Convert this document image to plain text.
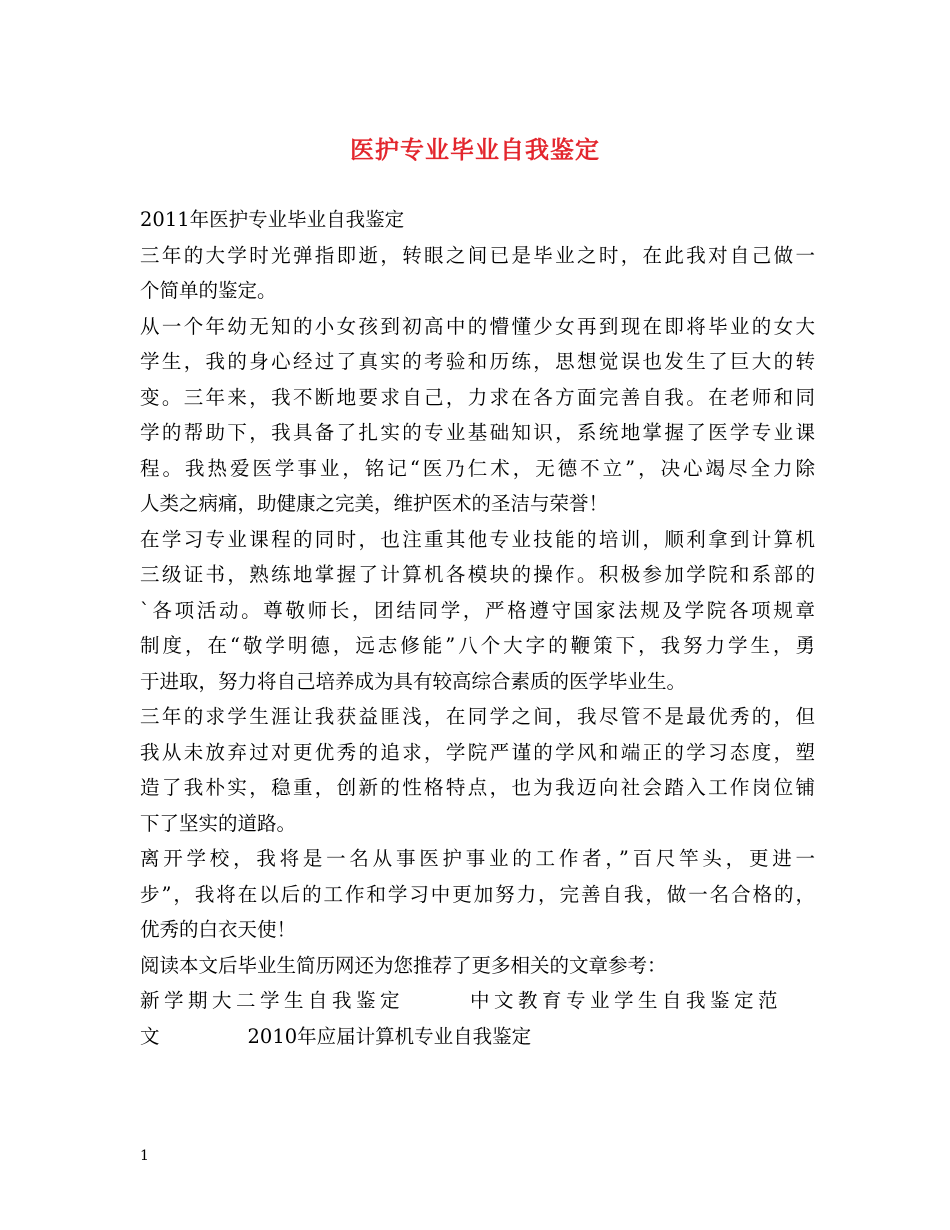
医护专业毕业自我鉴定
2011年医护专业毕业自我鉴定
三年的大学时光弹指即逝，转眼之间已是毕业之时，在此我对自己做一
个简单的鉴定。
从一个年幼无知的小女孩到初高中的懵懂少女再到现在即将毕业的女大
学生，我的身心经过了真实的考验和历练，思想觉误也发生了巨大的转
变。三年来，我不断地要求自己，力求在各方面完善自我。在老师和同
学的帮助下，我具备了扎实的专业基础知识，系统地掌握了医学专业课
程。我热爱医学事业，铭记“医乃仁术，无德不立”，决心竭尽全力除
人类之病痛，助健康之完美，维护医术的圣洁与荣誉！
在学习专业课程的同时，也注重其他专业技能的培训，顺利拿到计算机
三级证书，熟练地掌握了计算机各模块的操作。积极参加学院和系部的
`各项活动。尊敬师长，团结同学，严格遵守国家法规及学院各项规章
制度，在“敬学明德，远志修能”八个大字的鞭策下，我努力学生，勇
于进取，努力将自己培养成为具有较高综合素质的医学毕业生。
三年的求学生涯让我获益匪浅，在同学之间，我尽管不是最优秀的，但
我从未放弃过对更优秀的追求，学院严谨的学风和端正的学习态度，塑
造了我朴实，稳重，创新的性格特点，也为我迈向社会踏入工作岗位铺
下了坚实的道路。
离开学校，我将是一名从事医护事业的工作者，”百尺竿头，更进一
步”，我将在以后的工作和学习中更加努力，完善自我，做一名合格的，
优秀的白衣天使！
阅读本文后毕业生简历网还为您推荐了更多相关的文章参考：
新学期大二学生自我鉴定	中文教育专业学生自我鉴定范
文	2010年应届计算机专业自我鉴定
1
